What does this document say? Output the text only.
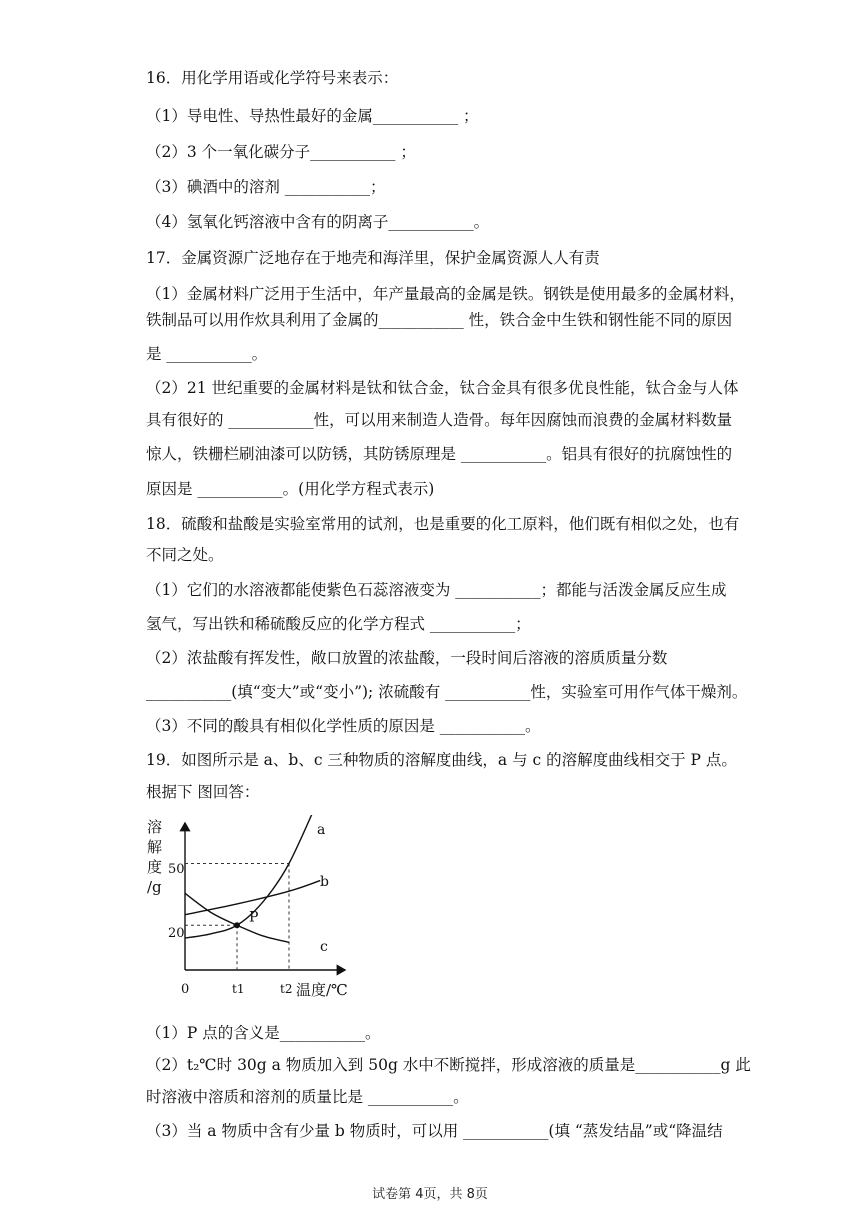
16．用化学用语或化学符号来表示：
（1）导电性、导热性最好的金属___________ ；
（2）3 个一氧化碳分子___________ ；
（3）碘酒中的溶剂 ___________；
（4）氢氧化钙溶液中含有的阴离子___________。
17．金属资源广泛地存在于地壳和海洋里，保护金属资源人人有责
（1）金属材料广泛用于生活中，年产量最高的金属是铁。钢铁是使用最多的金属材料，
铁制品可以用作炊具利用了金属的___________ 性，铁合金中生铁和钢性能不同的原因
是 ___________。
（2）21 世纪重要的金属材料是钛和钛合金，钛合金具有很多优良性能，钛合金与人体
具有很好的 ___________性，可以用来制造人造骨。每年因腐蚀而浪费的金属材料数量
惊人，铁栅栏刷油漆可以防锈，其防锈原理是 ___________。铝具有很好的抗腐蚀性的
原因是 ___________。(用化学方程式表示)
18．硫酸和盐酸是实验室常用的试剂，也是重要的化工原料，他们既有相似之处，也有
不同之处。
（1）它们的水溶液都能使紫色石蕊溶液变为 ___________；都能与活泼金属反应生成
氢气，写出铁和稀硫酸反应的化学方程式 ___________；
（2）浓盐酸有挥发性，敞口放置的浓盐酸，一段时间后溶液的溶质质量分数
___________(填“变大”或“变小”); 浓硫酸有 ___________性，实验室可用作气体干燥剂。
（3）不同的酸具有相似化学性质的原因是 ___________。
19．如图所示是 a、b、c 三种物质的溶解度曲线，a 与 c 的溶解度曲线相交于 P 点。
根据下 图回答：
（1）P 点的含义是___________。
（2）t₂℃时 30g a 物质加入到 50g 水中不断搅拌，形成溶液的质量是___________g 此
时溶液中溶质和溶剂的质量比是 ___________。
（3）当 a 物质中含有少量 b 物质时，可以用 ___________(填 “蒸发结晶”或“降温结
溶
解
度
/g
50
20
0	t1	t2 温度/℃
P
a
b
c
试卷第 4页，共 8页
